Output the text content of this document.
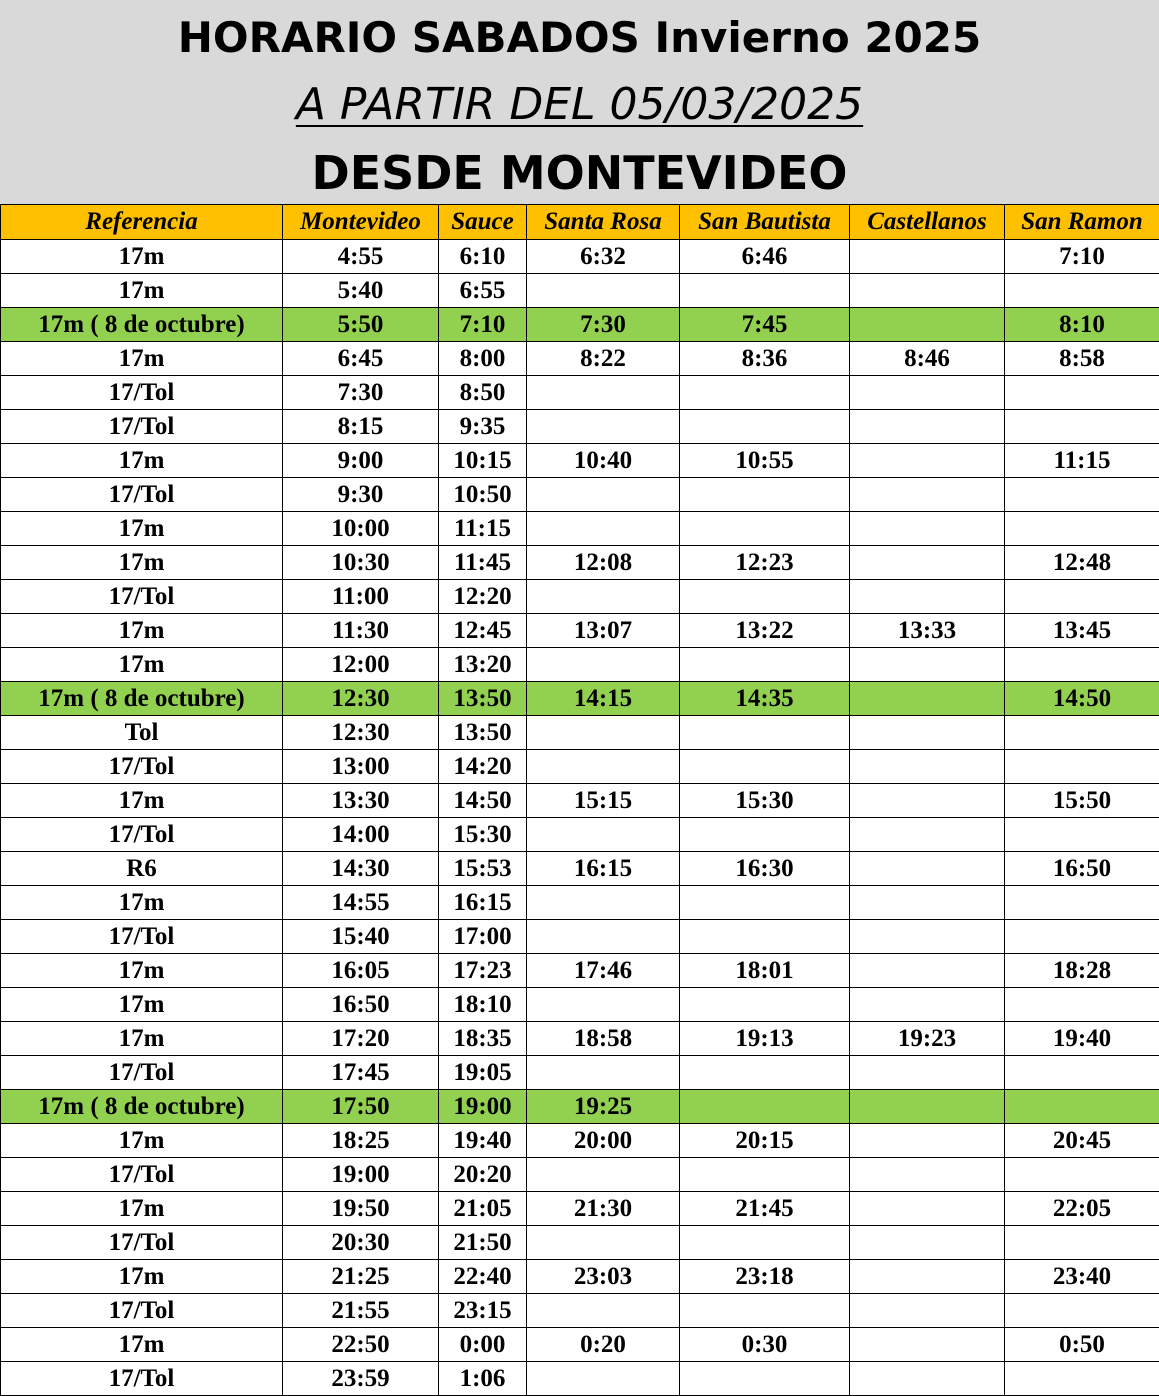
HORARIO SABADOS Invierno 2025
A PARTIR DEL 05/03/2025
DESDE MONTEVIDEO
Referencia	Montevideo	Sauce	Santa Rosa	San Bautista	Castellanos	San Ramon
17m	4:55	6:10	6:32	6:46		7:10
17m	5:40	6:55				
17m ( 8 de octubre)	5:50	7:10	7:30	7:45		8:10
17m	6:45	8:00	8:22	8:36	8:46	8:58
17/Tol	7:30	8:50				
17/Tol	8:15	9:35				
17m	9:00	10:15	10:40	10:55		11:15
17/Tol	9:30	10:50				
17m	10:00	11:15				
17m	10:30	11:45	12:08	12:23		12:48
17/Tol	11:00	12:20				
17m	11:30	12:45	13:07	13:22	13:33	13:45
17m	12:00	13:20				
17m ( 8 de octubre)	12:30	13:50	14:15	14:35		14:50
Tol	12:30	13:50				
17/Tol	13:00	14:20				
17m	13:30	14:50	15:15	15:30		15:50
17/Tol	14:00	15:30				
R6	14:30	15:53	16:15	16:30		16:50
17m	14:55	16:15				
17/Tol	15:40	17:00				
17m	16:05	17:23	17:46	18:01		18:28
17m	16:50	18:10				
17m	17:20	18:35	18:58	19:13	19:23	19:40
17/Tol	17:45	19:05				
17m ( 8 de octubre)	17:50	19:00	19:25			
17m	18:25	19:40	20:00	20:15		20:45
17/Tol	19:00	20:20				
17m	19:50	21:05	21:30	21:45		22:05
17/Tol	20:30	21:50				
17m	21:25	22:40	23:03	23:18		23:40
17/Tol	21:55	23:15				
17m	22:50	0:00	0:20	0:30		0:50
17/Tol	23:59	1:06				
